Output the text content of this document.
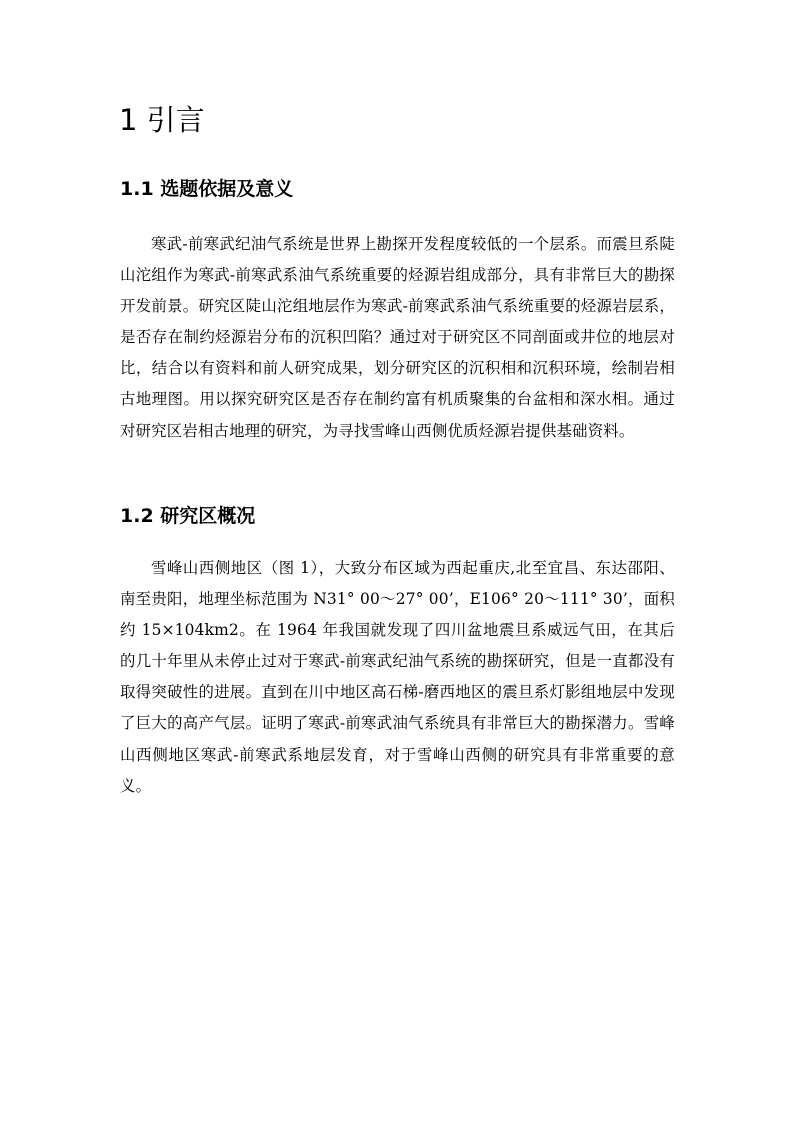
1 引言
1.1 选题依据及意义

寒武-前寒武纪油气系统是世界上勘探开发程度较低的一个层系。而震旦系陡山沱组作为寒武-前寒武系油气系统重要的烃源岩组成部分，具有非常巨大的勘探开发前景。研究区陡山沱组地层作为寒武-前寒武系油气系统重要的烃源岩层系，是否存在制约烃源岩分布的沉积凹陷？通过对于研究区不同剖面或井位的地层对比，结合以有资料和前人研究成果，划分研究区的沉积相和沉积环境，绘制岩相古地理图。用以探究研究区是否存在制约富有机质聚集的台盆相和深水相。通过对研究区岩相古地理的研究，为寻找雪峰山西侧优质烃源岩提供基础资料。

1.2 研究区概况

雪峰山西侧地区（图 1），大致分布区域为西起重庆,北至宜昌、东达邵阳、南至贵阳，地理坐标范围为 N31° 00～27° 00’，E106° 20～111° 30’，面积约 15×104km2。在 1964 年我国就发现了四川盆地震旦系威远气田，在其后的几十年里从未停止过对于寒武-前寒武纪油气系统的勘探研究，但是一直都没有取得突破性的进展。直到在川中地区高石梯-磨西地区的震旦系灯影组地层中发现了巨大的高产气层。证明了寒武-前寒武油气系统具有非常巨大的勘探潜力。雪峰山西侧地区寒武-前寒武系地层发育，对于雪峰山西侧的研究具有非常重要的意义。
